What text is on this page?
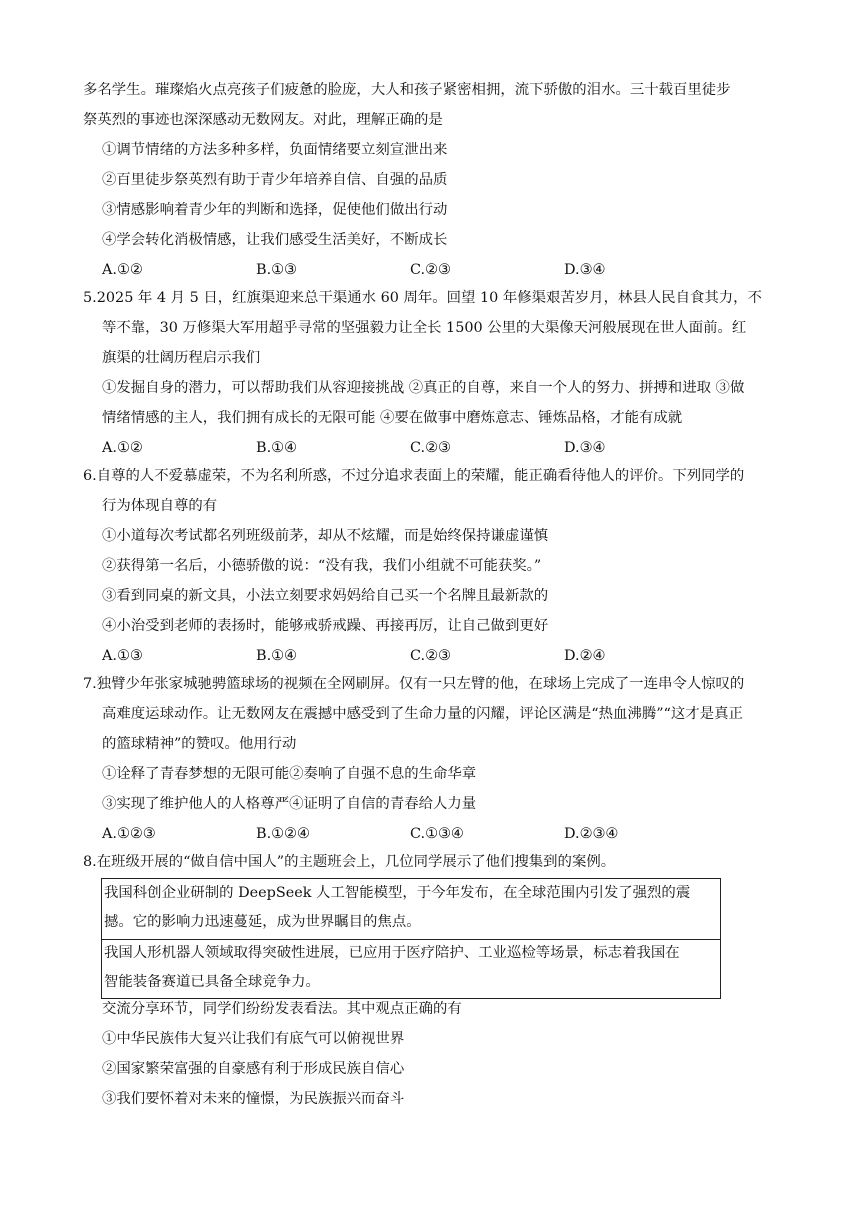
多名学生。璀璨焰火点亮孩子们疲惫的脸庞，大人和孩子紧密相拥，流下骄傲的泪水。三十载百里徒步
祭英烈的事迹也深深感动无数网友。对此，理解正确的是
①调节情绪的方法多种多样，负面情绪要立刻宣泄出来
②百里徒步祭英烈有助于青少年培养自信、自强的品质
③情感影响着青少年的判断和选择，促使他们做出行动
④学会转化消极情感，让我们感受生活美好，不断成长
A.①②	B.①③	C.②③	D.③④
5.2025 年 4 月 5 日，红旗渠迎来总干渠通水 60 周年。回望 10 年修渠艰苦岁月，林县人民自食其力，不
等不靠，30 万修渠大军用超乎寻常的坚强毅力让全长 1500 公里的大渠像天河般展现在世人面前。红
旗渠的壮阔历程启示我们
①发掘自身的潜力，可以帮助我们从容迎接挑战 ②真正的自尊，来自一个人的努力、拼搏和进取 ③做
情绪情感的主人，我们拥有成长的无限可能 ④要在做事中磨炼意志、锤炼品格，才能有成就
A.①②	B.①④	C.②③	D.③④
6.自尊的人不爱慕虚荣，不为名利所惑，不过分追求表面上的荣耀，能正确看待他人的评价。下列同学的
行为体现自尊的有
①小道每次考试都名列班级前茅，却从不炫耀，而是始终保持谦虚谨慎
②获得第一名后，小德骄傲的说：“没有我，我们小组就不可能获奖。”
③看到同桌的新文具，小法立刻要求妈妈给自己买一个名牌且最新款的
④小治受到老师的表扬时，能够戒骄戒躁、再接再厉，让自己做到更好
A.①③	B.①④	C.②③	D.②④
7.独臂少年张家城驰骋篮球场的视频在全网刷屏。仅有一只左臂的他，在球场上完成了一连串令人惊叹的
高难度运球动作。让无数网友在震撼中感受到了生命力量的闪耀，评论区满是“热血沸腾”“这才是真正
的篮球精神”的赞叹。他用行动
①诠释了青春梦想的无限可能②奏响了自强不息的生命华章
③实现了维护他人的人格尊严④证明了自信的青春给人力量
A.①②③	B.①②④	C.①③④	D.②③④
8.在班级开展的“做自信中国人”的主题班会上，几位同学展示了他们搜集到的案例。
我国科创企业研制的 DeepSeek 人工智能模型，于今年发布，在全球范围内引发了强烈的震
撼。它的影响力迅速蔓延，成为世界瞩目的焦点。
我国人形机器人领域取得突破性进展，已应用于医疗陪护、工业巡检等场景，标志着我国在
智能装备赛道已具备全球竞争力。
交流分享环节，同学们纷纷发表看法。其中观点正确的有
①中华民族伟大复兴让我们有底气可以俯视世界
②国家繁荣富强的自豪感有利于形成民族自信心
③我们要怀着对未来的憧憬，为民族振兴而奋斗
